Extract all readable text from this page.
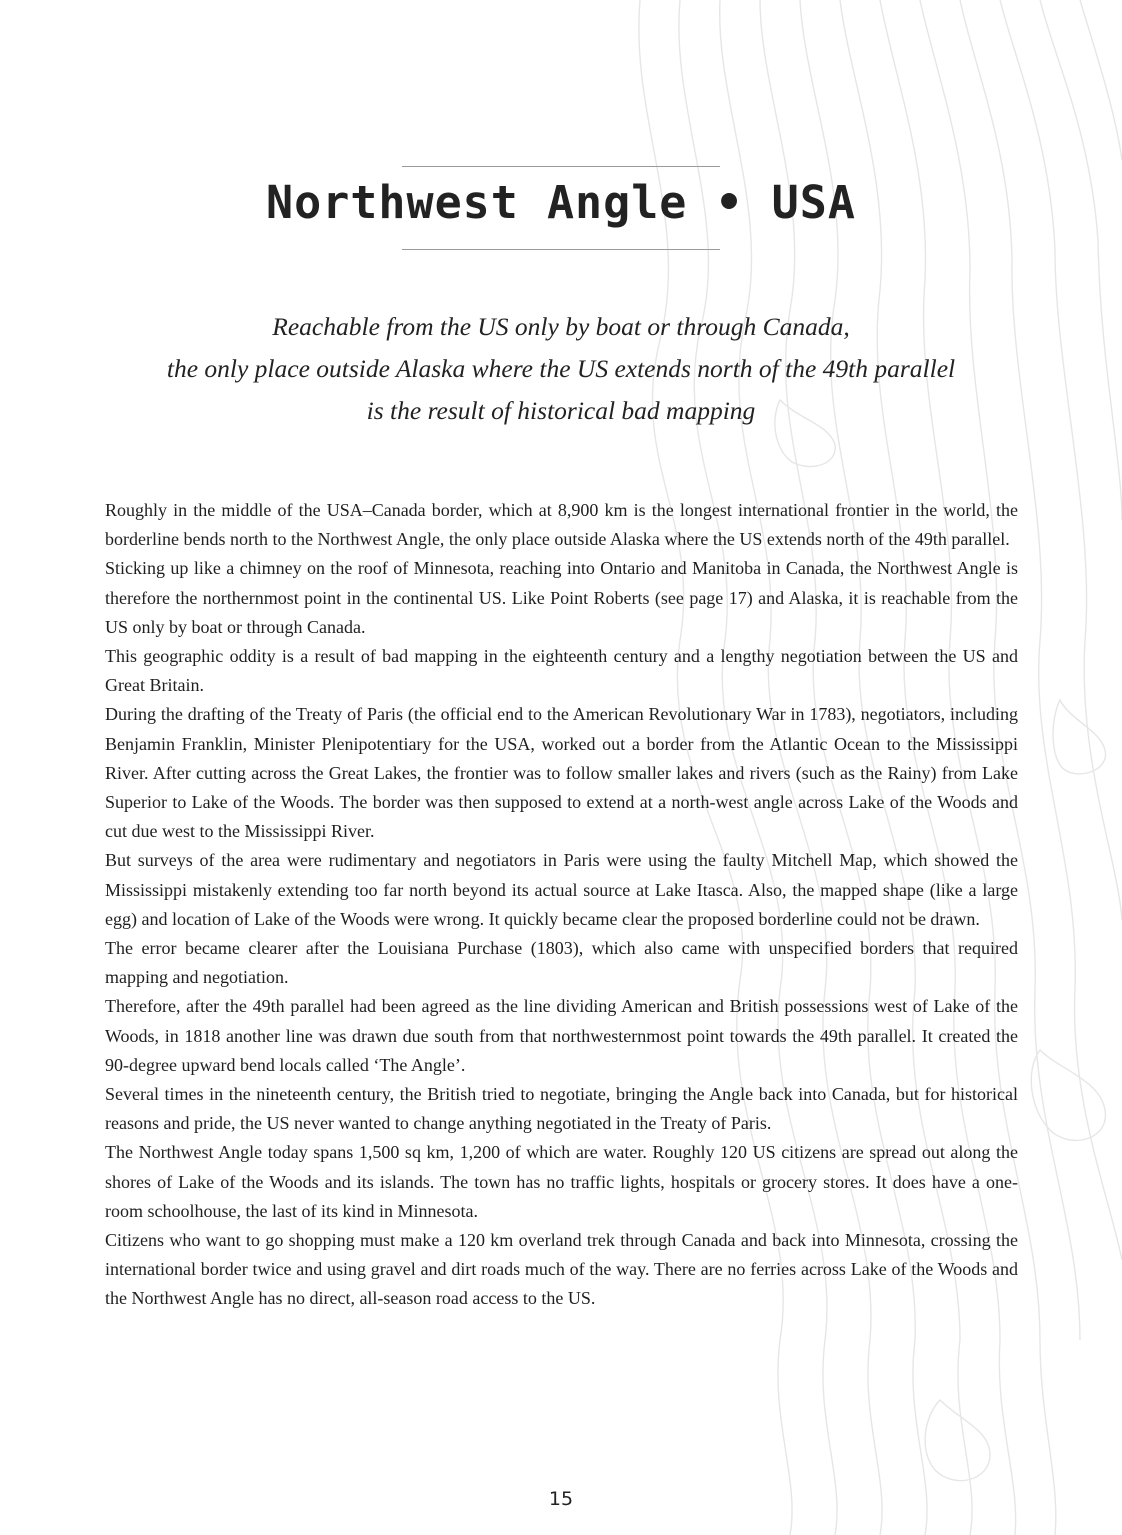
Northwest Angle • USA
Reachable from the US only by boat or through Canada,
the only place outside Alaska where the US extends north of the 49th parallel
is the result of historical bad mapping

Roughly in the middle of the USA–Canada border, which at 8,900 km is the longest international frontier in the world, the borderline bends north to the Northwest Angle, the only place outside Alaska where the US extends north of the 49th parallel.

Sticking up like a chimney on the roof of Minnesota, reaching into Ontario and Manitoba in Canada, the Northwest Angle is therefore the northernmost point in the continental US. Like Point Roberts (see page 17) and Alaska, it is reachable from the US only by boat or through Canada.

This geographic oddity is a result of bad mapping in the eighteenth century and a lengthy negotiation between the US and Great Britain.

During the drafting of the Treaty of Paris (the official end to the American Revolutionary War in 1783), negotiators, including Benjamin Franklin, Minister Plenipotentiary for the USA, worked out a border from the Atlantic Ocean to the Mississippi River. After cutting across the Great Lakes, the frontier was to follow smaller lakes and rivers (such as the Rainy) from Lake Superior to Lake of the Woods. The border was then supposed to extend at a north-west angle across Lake of the Woods and cut due west to the Mississippi River.

But surveys of the area were rudimentary and negotiators in Paris were using the faulty Mitchell Map, which showed the Mississippi mistakenly extending too far north beyond its actual source at Lake Itasca. Also, the mapped shape (like a large egg) and location of Lake of the Woods were wrong. It quickly became clear the proposed borderline could not be drawn.

The error became clearer after the Louisiana Purchase (1803), which also came with unspecified borders that required mapping and negotiation.

Therefore, after the 49th parallel had been agreed as the line dividing American and British possessions west of Lake of the Woods, in 1818 another line was drawn due south from that northwesternmost point towards the 49th parallel. It created the 90-degree upward bend locals called ‘The Angle’.

Several times in the nineteenth century, the British tried to negotiate, bringing the Angle back into Canada, but for historical reasons and pride, the US never wanted to change anything negotiated in the Treaty of Paris.

The Northwest Angle today spans 1,500 sq km, 1,200 of which are water. Roughly 120 US citizens are spread out along the shores of Lake of the Woods and its islands. The town has no traffic lights, hospitals or grocery stores. It does have a one-room schoolhouse, the last of its kind in Minnesota.

Citizens who want to go shopping must make a 120 km overland trek through Canada and back into Minnesota, crossing the international border twice and using gravel and dirt roads much of the way. There are no ferries across Lake of the Woods and the Northwest Angle has no direct, all-season road access to the US.

15
